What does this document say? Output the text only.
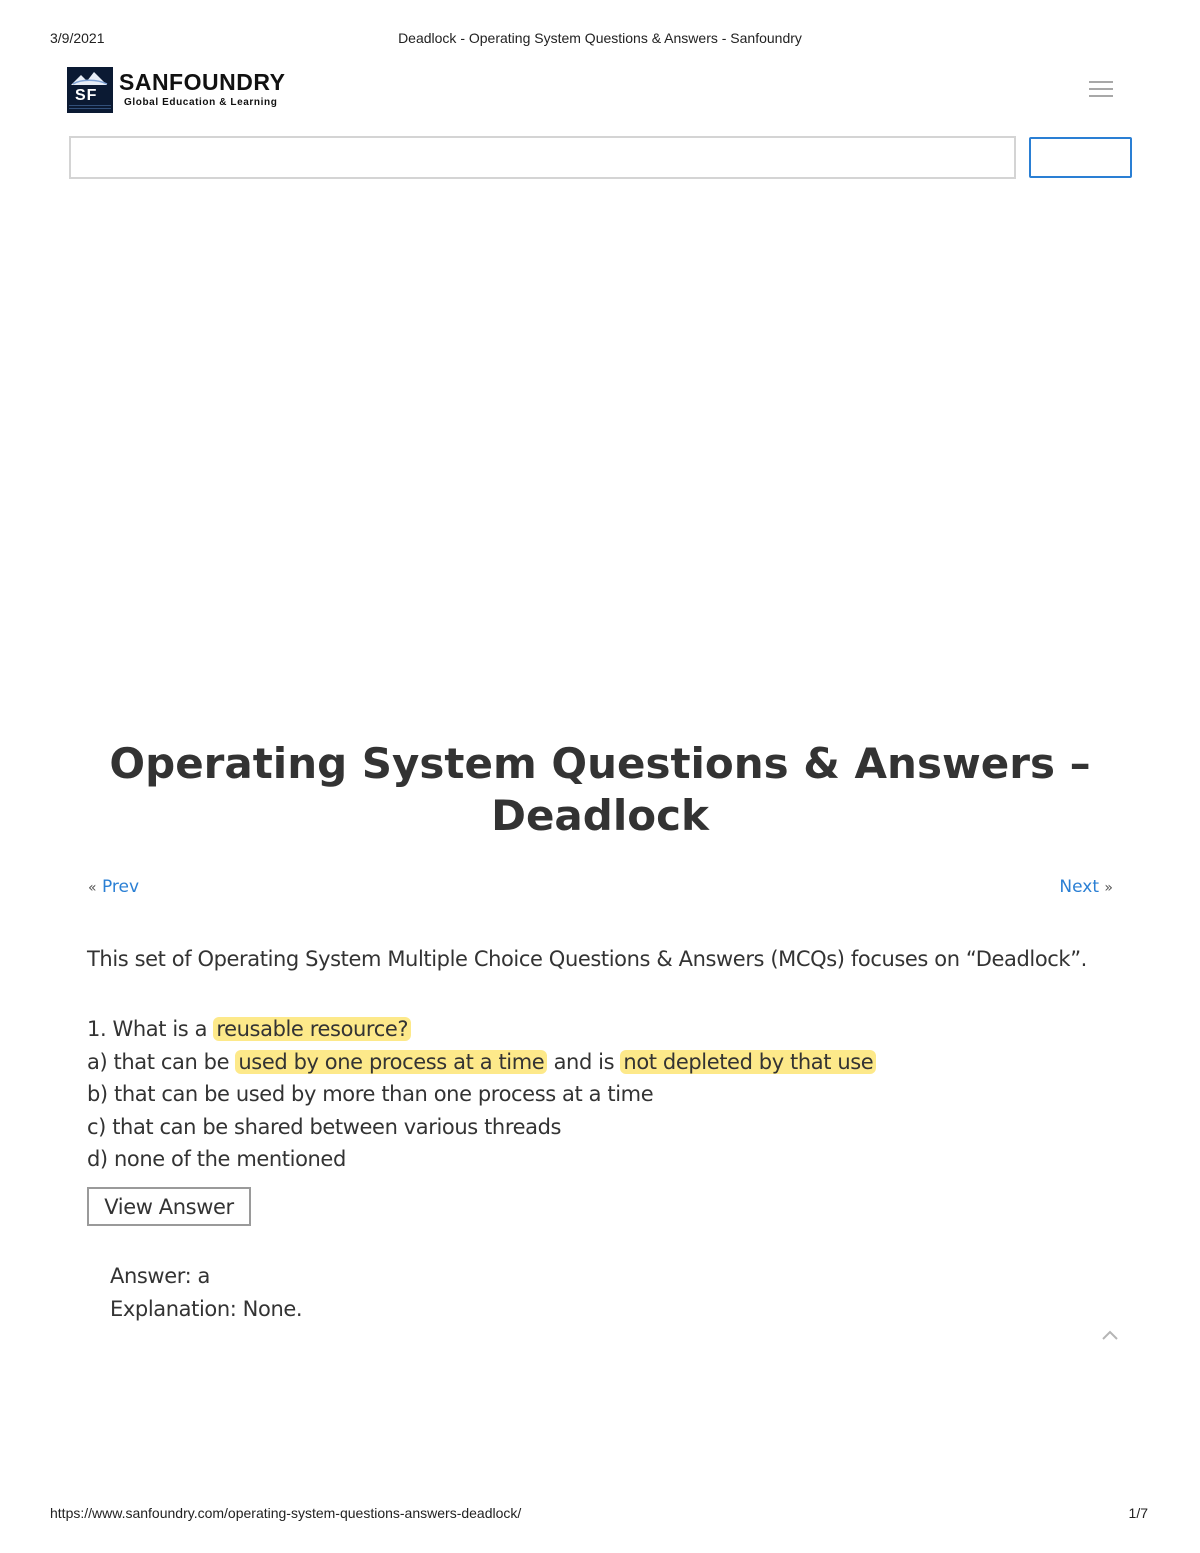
3/9/2021	Deadlock - Operating System Questions & Answers - Sanfoundry
SF
SANFOUNDRY
Global Education & Learning
Operating System Questions & Answers –
Deadlock
« Prev	Next »

This set of Operating System Multiple Choice Questions & Answers (MCQs) focuses on “Deadlock”.

1. What is a reusable resource?
a) that can be used by one process at a time and is not depleted by that use
b) that can be used by more than one process at a time
c) that can be shared between various threads
d) none of the mentioned
View Answer
Answer: a
Explanation: None.
https://www.sanfoundry.com/operating-system-questions-answers-deadlock/	1/7
